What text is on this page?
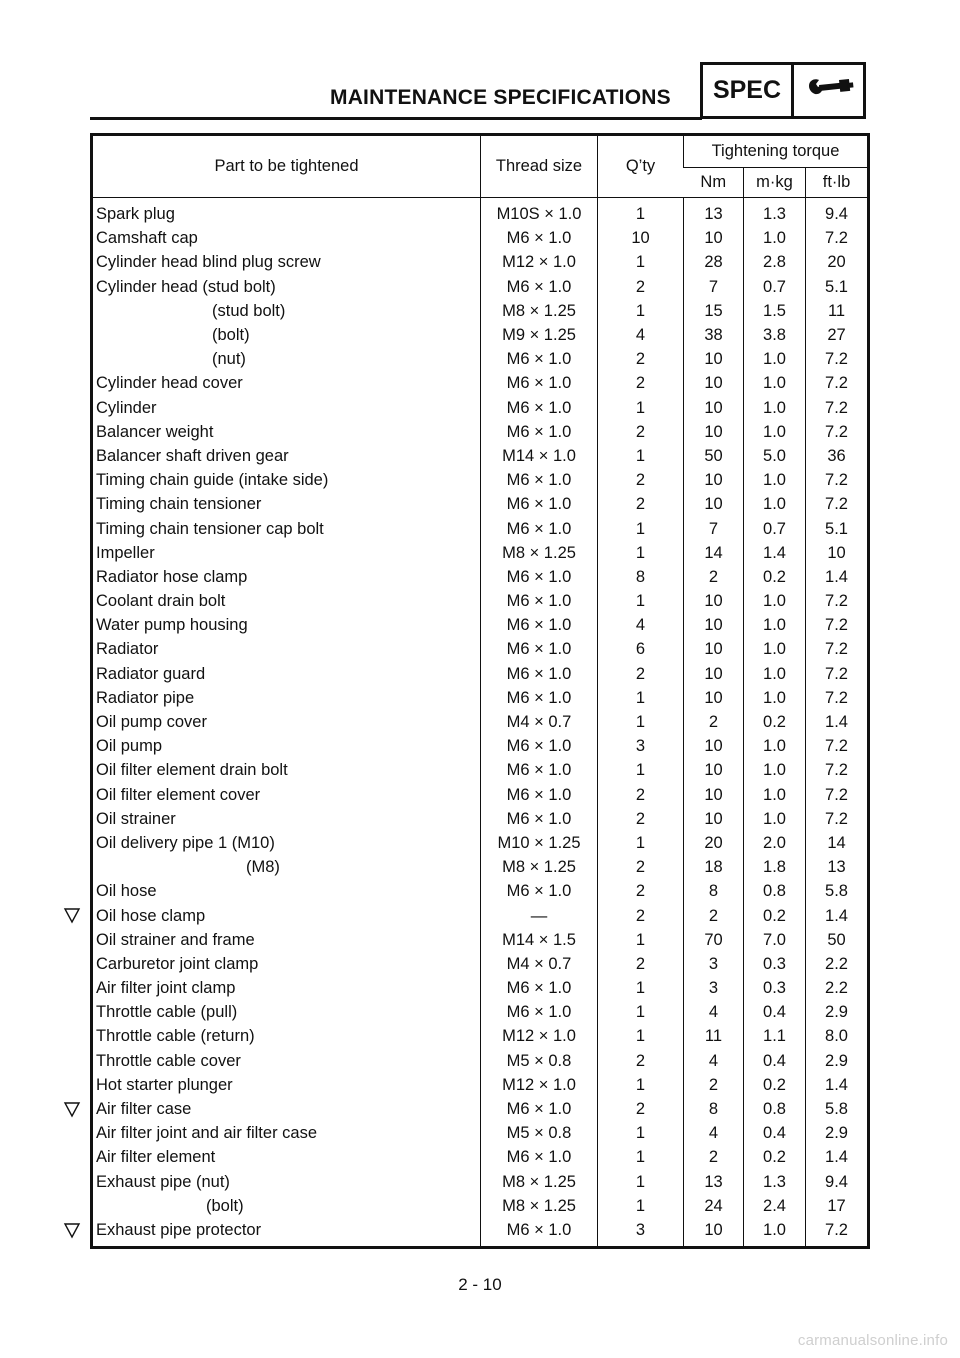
MAINTENANCE SPECIFICATIONS	SPEC
Part to be tightened	Thread size	Q’ty	Tightening torque		
			Nm	m·kg	ft·lb
Spark plug	M10S × 1.0	1	13	1.3	9.4
Camshaft cap	M6 × 1.0	10	10	1.0	7.2
Cylinder head blind plug screw	M12 × 1.0	1	28	2.8	20
Cylinder head (stud bolt)	M6 × 1.0	2	7	0.7	5.1
(stud bolt)	M8 × 1.25	1	15	1.5	11
(bolt)	M9 × 1.25	4	38	3.8	27
(nut)	M6 × 1.0	2	10	1.0	7.2
Cylinder head cover	M6 × 1.0	2	10	1.0	7.2
Cylinder	M6 × 1.0	1	10	1.0	7.2
Balancer weight	M6 × 1.0	2	10	1.0	7.2
Balancer shaft driven gear	M14 × 1.0	1	50	5.0	36
Timing chain guide (intake side)	M6 × 1.0	2	10	1.0	7.2
Timing chain tensioner	M6 × 1.0	2	10	1.0	7.2
Timing chain tensioner cap bolt	M6 × 1.0	1	7	0.7	5.1
Impeller	M8 × 1.25	1	14	1.4	10
Radiator hose clamp	M6 × 1.0	8	2	0.2	1.4
Coolant drain bolt	M6 × 1.0	1	10	1.0	7.2
Water pump housing	M6 × 1.0	4	10	1.0	7.2
Radiator	M6 × 1.0	6	10	1.0	7.2
Radiator guard	M6 × 1.0	2	10	1.0	7.2
Radiator pipe	M6 × 1.0	1	10	1.0	7.2
Oil pump cover	M4 × 0.7	1	2	0.2	1.4
Oil pump	M6 × 1.0	3	10	1.0	7.2
Oil filter element drain bolt	M6 × 1.0	1	10	1.0	7.2
Oil filter element cover	M6 × 1.0	2	10	1.0	7.2
Oil strainer	M6 × 1.0	2	10	1.0	7.2
Oil delivery pipe 1 (M10)	M10 × 1.25	1	20	2.0	14
(M8)	M8 × 1.25	2	18	1.8	13
Oil hose	M6 × 1.0	2	8	0.8	5.8

Oil hose clamp	—	2	2	0.2	1.4
Oil strainer and frame	M14 × 1.5	1	70	7.0	50
Carburetor joint clamp	M4 × 0.7	2	3	0.3	2.2
Air filter joint clamp	M6 × 1.0	1	3	0.3	2.2
Throttle cable (pull)	M6 × 1.0	1	4	0.4	2.9
Throttle cable (return)	M12 × 1.0	1	11	1.1	8.0
Throttle cable cover	M5 × 0.8	2	4	0.4	2.9
Hot starter plunger	M12 × 1.0	1	2	0.2	1.4

Air filter case	M6 × 1.0	2	8	0.8	5.8
Air filter joint and air filter case	M5 × 0.8	1	4	0.4	2.9
Air filter element	M6 × 1.0	1	2	0.2	1.4
Exhaust pipe (nut)	M8 × 1.25	1	13	1.3	9.4
(bolt)	M8 × 1.25	1	24	2.4	17

Exhaust pipe protector	M6 × 1.0	3	10	1.0	7.2
2 - 10
carmanualsonline.info
